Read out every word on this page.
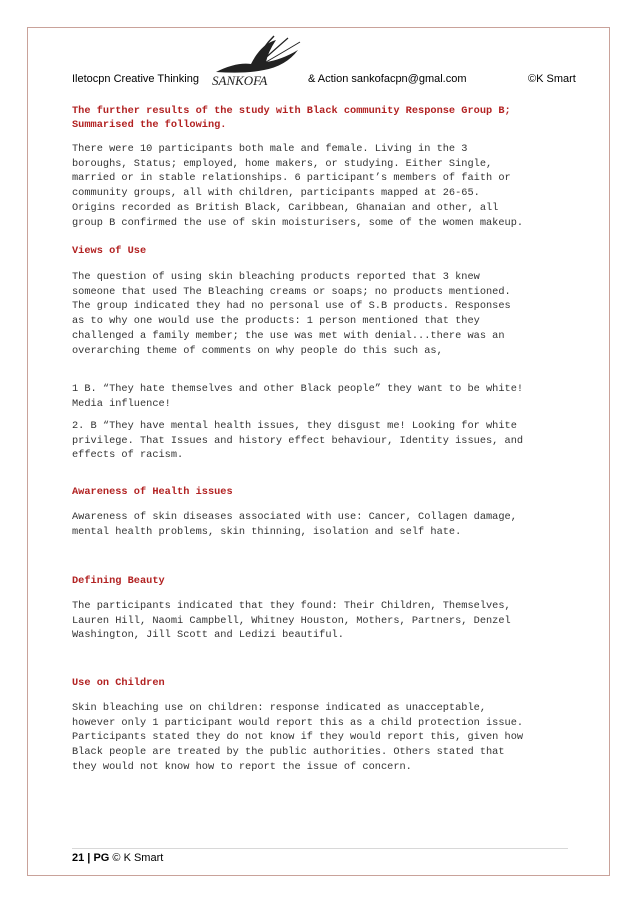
Iletocpn Creative Thinking SANKOFA	& Action sankofacpn@gmal.com	©K Smart

The further results of the study with Black community Response Group B;

Summarised the following.

There were 10 participants both male and female. Living in the 3
boroughs, Status; employed, home makers, or studying. Either Single,
married or in stable relationships. 6 participant’s members of faith or
community groups, all with children, participants mapped at 26-65.
Origins recorded as British Black, Caribbean, Ghanaian and other, all
group B confirmed the use of skin moisturisers, some of the women makeup.

Views of Use

The question of using skin bleaching products reported that 3 knew
someone that used The Bleaching creams or soaps; no products mentioned.
The group indicated they had no personal use of S.B products. Responses
as to why one would use the products: 1 person mentioned that they
challenged a family member; the use was met with denial...there was an
overarching theme of comments on why people do this such as,

1 B. “They hate themselves and other Black people” they want to be white!
Media influence!

2. B “They have mental health issues, they disgust me! Looking for white
privilege. That Issues and history effect behaviour, Identity issues, and
effects of racism.

Awareness of Health issues

Awareness of skin diseases associated with use: Cancer, Collagen damage,
mental health problems, skin thinning, isolation and self hate.

Defining Beauty

The participants indicated that they found: Their Children, Themselves,
Lauren Hill, Naomi Campbell, Whitney Houston, Mothers, Partners, Denzel
Washington, Jill Scott and Ledizi beautiful.

Use on Children

Skin bleaching use on children: response indicated as unacceptable,
however only 1 participant would report this as a child protection issue.
Participants stated they do not know if they would report this, given how
Black people are treated by the public authorities. Others stated that
they would not know how to report the issue of concern.

21 | PG © K Smart
